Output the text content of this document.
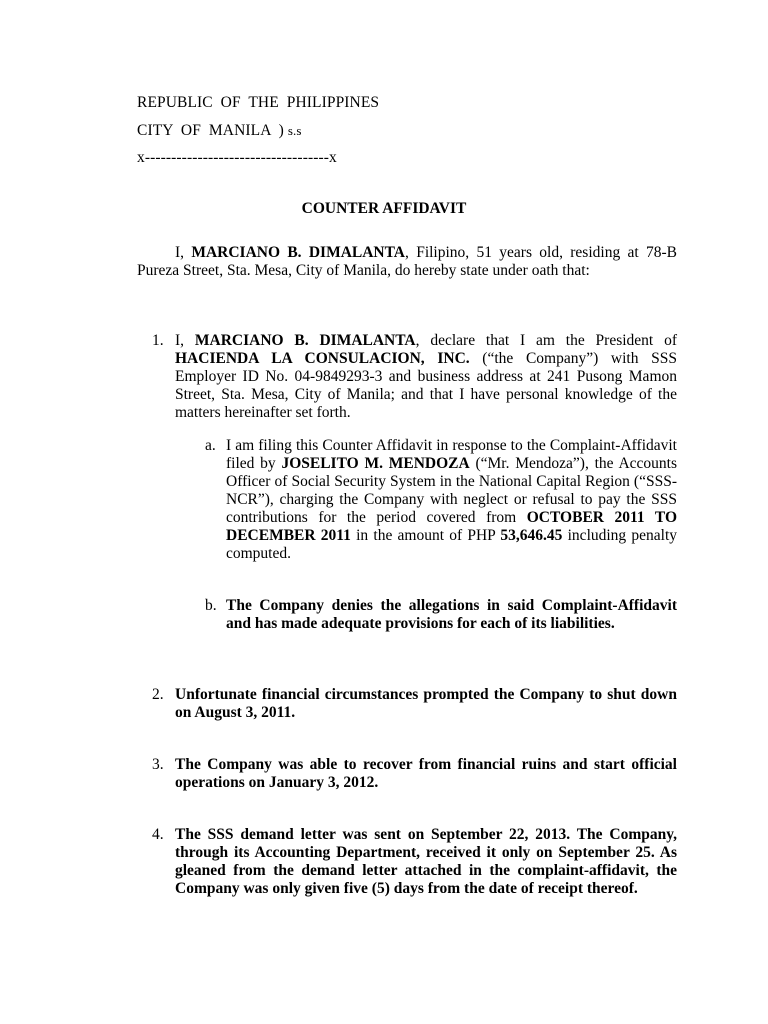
REPUBLIC  OF  THE  PHILIPPINES
CITY  OF  MANILA  ) s.s
x-----------------------------------x
COUNTER AFFIDAVIT
I, MARCIANO B. DIMALANTA, Filipino, 51 years old, residing at 78-B Pureza Street, Sta. Mesa, City of Manila, do hereby state under oath that:
1. I, MARCIANO B. DIMALANTA, declare that I am the President of HACIENDA LA CONSULACION, INC. (“the Company”) with SSS Employer ID No. 04-9849293-3 and business address at 241 Pusong Mamon Street, Sta. Mesa, City of Manila; and that I have personal knowledge of the matters hereinafter set forth.
a. I am filing this Counter Affidavit in response to the Complaint-Affidavit filed by JOSELITO M. MENDOZA (“Mr. Mendoza”), the Accounts Officer of Social Security System in the National Capital Region (“SSS-NCR”), charging the Company with neglect or refusal to pay the SSS contributions for the period covered from OCTOBER 2011 TO DECEMBER 2011 in the amount of PHP 53,646.45 including penalty computed.
b. The Company denies the allegations in said Complaint-Affidavit and has made adequate provisions for each of its liabilities.
2. Unfortunate financial circumstances prompted the Company to shut down on August 3, 2011.
3. The Company was able to recover from financial ruins and start official operations on January 3, 2012.
4. The SSS demand letter was sent on September 22, 2013. The Company, through its Accounting Department, received it only on September 25. As gleaned from the demand letter attached in the complaint-affidavit, the Company was only given five (5) days from the date of receipt thereof.
